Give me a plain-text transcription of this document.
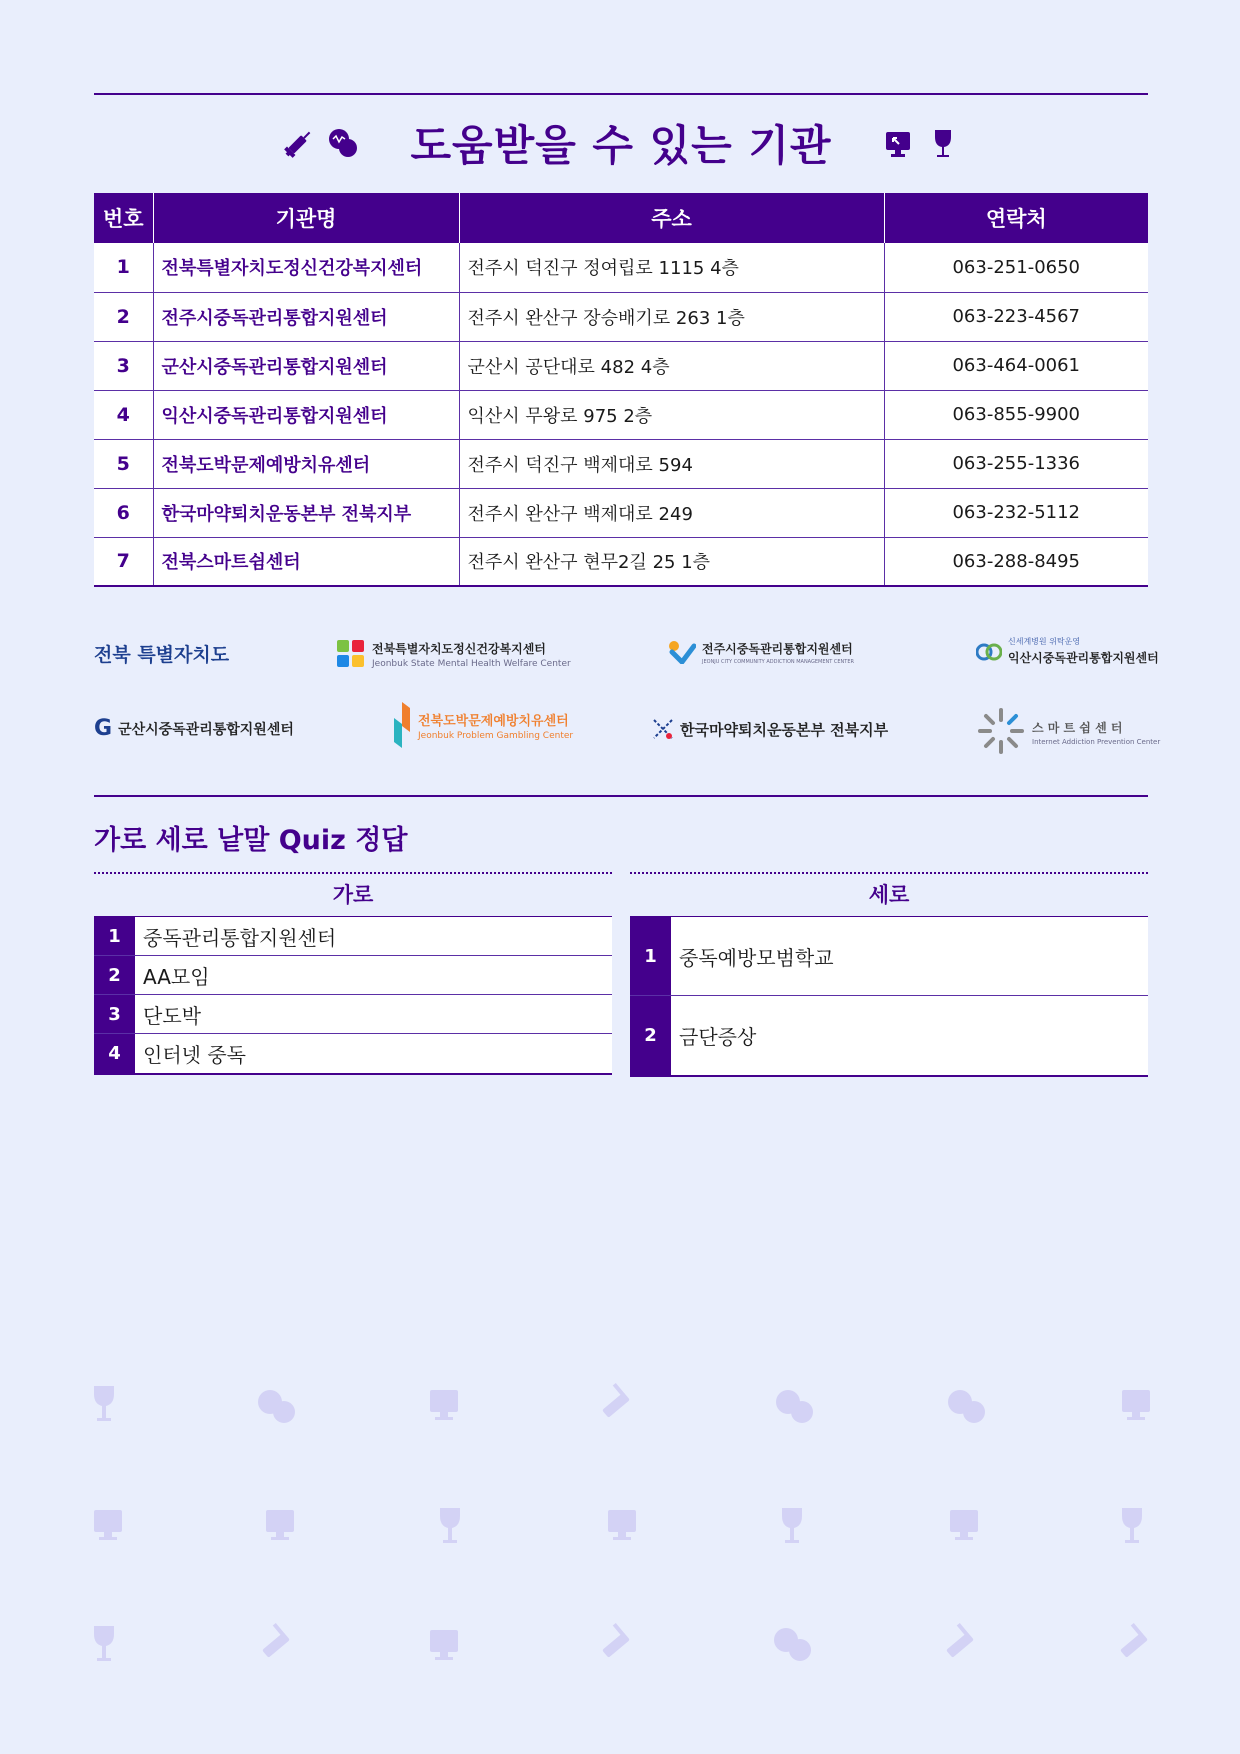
도움받을 수 있는 기관
번호	기관명	주소	연락처
1	전북특별자치도정신건강복지센터	전주시 덕진구 정여립로 1115 4층	063-251-0650
2	전주시중독관리통합지원센터	전주시 완산구 장승배기로 263 1층	063-223-4567
3	군산시중독관리통합지원센터	군산시 공단대로 482 4층	063-464-0061
4	익산시중독관리통합지원센터	익산시 무왕로 975 2층	063-855-9900
5	전북도박문제예방치유센터	전주시 덕진구 백제대로 594	063-255-1336
6	한국마약퇴치운동본부 전북지부	전주시 완산구 백제대로 249	063-232-5112
7	전북스마트쉼센터	전주시 완산구 현무2길 25 1층	063-288-8495
전북 특별자치도	전북특별자치도정신건강복지센터
Jeonbuk State Mental Health Welfare Center
전주시중독관리통합지원센터
JEONJU CITY COMMUNITY ADDICTION MANAGEMENT CENTER
신세계병원 위탁운영
익산시중독관리통합지원센터
G 군산시중독관리통합지원센터
전북도박문제예방치유센터
Jeonbuk Problem Gambling Center	한국마약퇴치운동본부 전북지부	스 마 트 쉼 센 터
Internet Addiction Prevention Center
가로 세로 낱말 Quiz 정답
가로
1	중독관리통합지원센터
2	AA모임
3	단도박
4	인터넷 중독
세로
1	중독예방모범학교
2	금단증상
